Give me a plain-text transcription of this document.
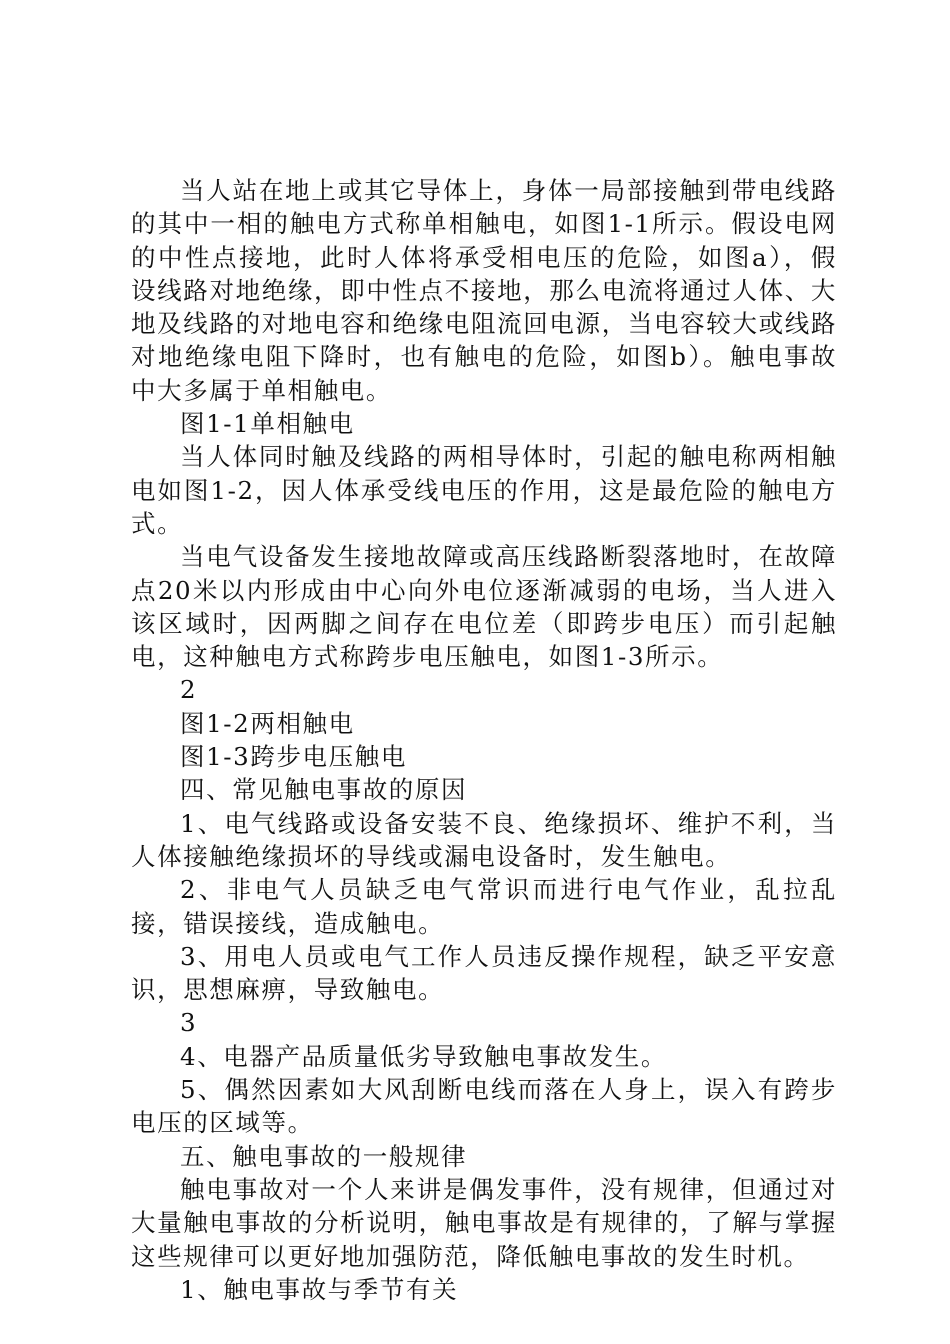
当人站在地上或其它导体上，身体一局部接触到带电线路的其中一相的触电方式称单相触电，如图1-1所示。假设电网的中性点接地，此时人体将承受相电压的危险，如图a），假设线路对地绝缘，即中性点不接地，那么电流将通过人体、大地及线路的对地电容和绝缘电阻流回电源，当电容较大或线路对地绝缘电阻下降时，也有触电的危险，如图b）。触电事故中大多属于单相触电。

图1-1单相触电

当人体同时触及线路的两相导体时，引起的触电称两相触电如图1-2，因人体承受线电压的作用，这是最危险的触电方式。

当电气设备发生接地故障或高压线路断裂落地时，在故障点20米以内形成由中心向外电位逐渐减弱的电场，当人进入该区域时，因两脚之间存在电位差（即跨步电压）而引起触电，这种触电方式称跨步电压触电，如图1-3所示。

2

图1-2两相触电

图1-3跨步电压触电

四、常见触电事故的原因

1、电气线路或设备安装不良、绝缘损坏、维护不利，当人体接触绝缘损坏的导线或漏电设备时，发生触电。

2、非电气人员缺乏电气常识而进行电气作业，乱拉乱接，错误接线，造成触电。

3、用电人员或电气工作人员违反操作规程，缺乏平安意识，思想麻痹，导致触电。

3

4、电器产品质量低劣导致触电事故发生。

5、偶然因素如大风刮断电线而落在人身上，误入有跨步电压的区域等。

五、触电事故的一般规律

触电事故对一个人来讲是偶发事件，没有规律，但通过对大量触电事故的分析说明，触电事故是有规律的，了解与掌握这些规律可以更好地加强防范，降低触电事故的发生时机。

1、触电事故与季节有关
